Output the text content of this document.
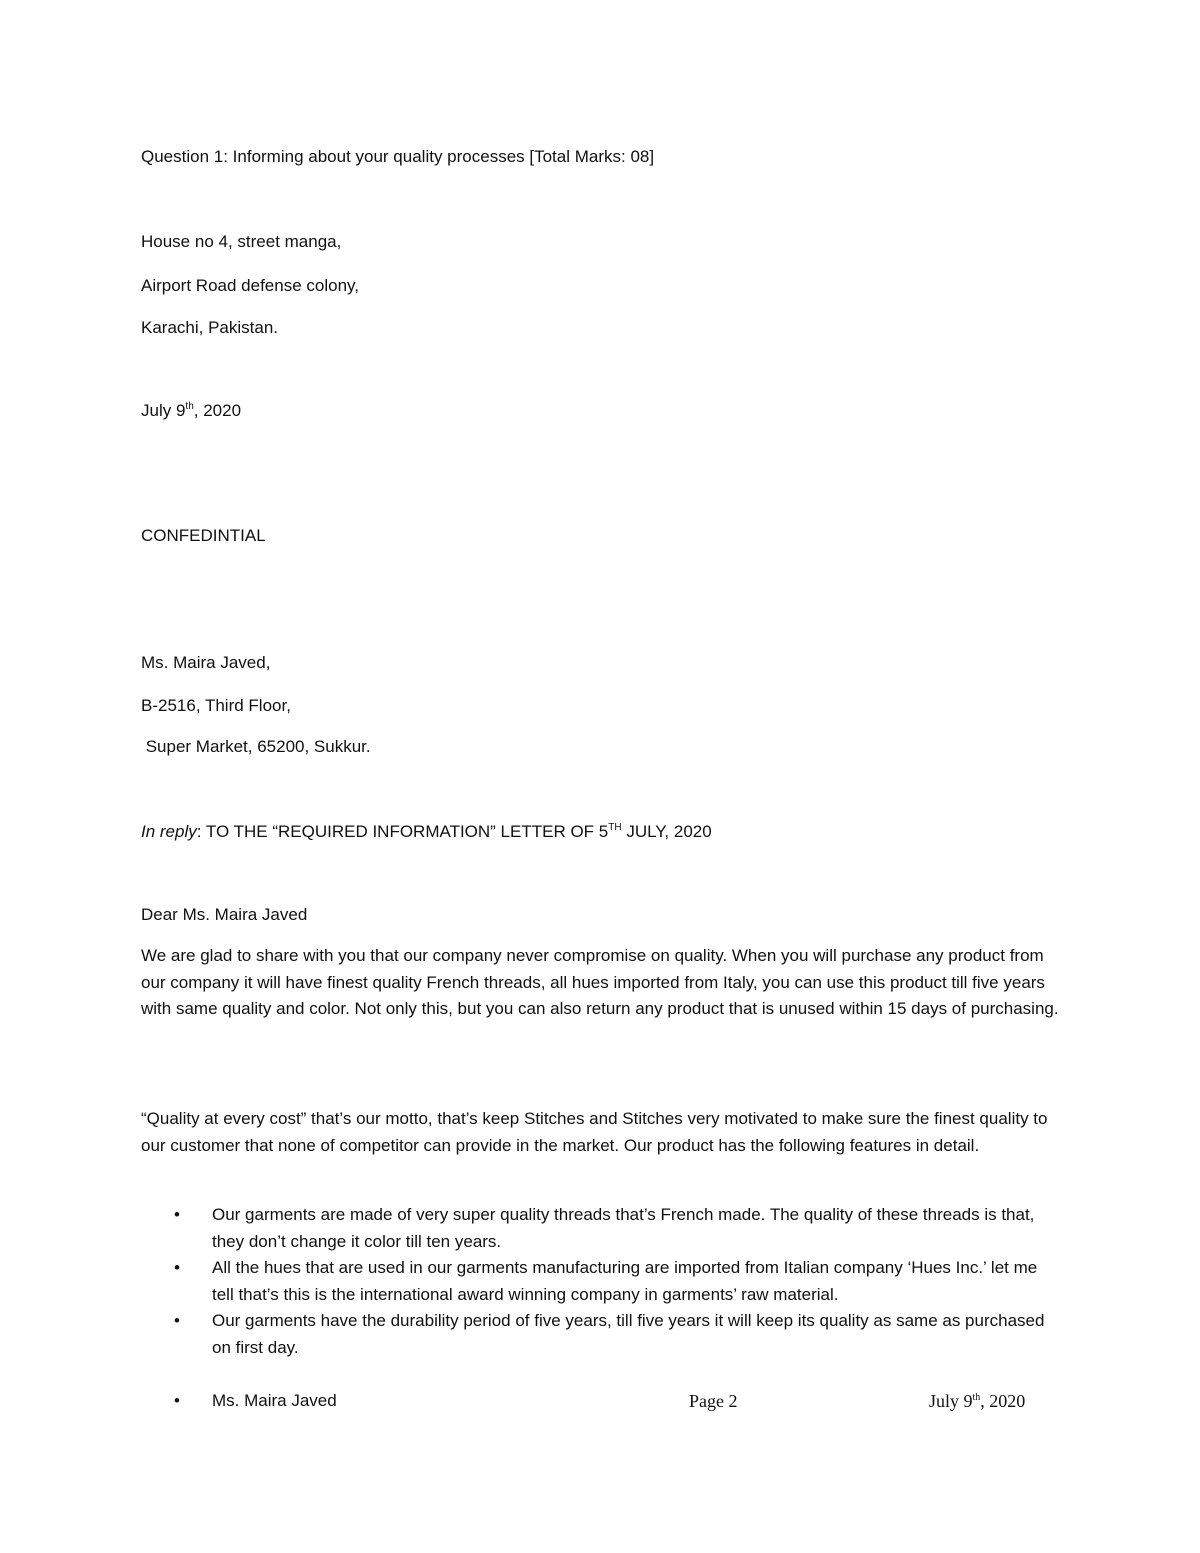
Question 1: Informing about your quality processes [Total Marks: 08]
House no 4, street manga,
Airport Road defense colony,
Karachi, Pakistan.
July 9th, 2020
CONFEDINTIAL
Ms. Maira Javed,
B-2516, Third Floor,
Super Market, 65200, Sukkur.
In reply: TO THE “REQUIRED INFORMATION” LETTER OF 5TH JULY, 2020
Dear Ms. Maira Javed

We are glad to share with you that our company never compromise on quality. When you will purchase any product from our company it will have finest quality French threads, all hues imported from Italy, you can use this product till five years with same quality and color. Not only this, but you can also return any product that is unused within 15 days of purchasing.

“Quality at every cost” that’s our motto, that’s keep Stitches and Stitches very motivated to make sure the finest quality to our customer that none of competitor can provide in the market. Our product has the following features in detail.

• Our garments are made of very super quality threads that’s French made. The quality of these threads is that, they don’t change it color till ten years.
• All the hues that are used in our garments manufacturing are imported from Italian company ‘Hues Inc.’ let me tell that’s this is the international award winning company in garments’ raw material.
• Our garments have the durability period of five years, till five years it will keep its quality as same as purchased on first day.
• Ms. Maira Javed	Page 2	July 9th, 2020
